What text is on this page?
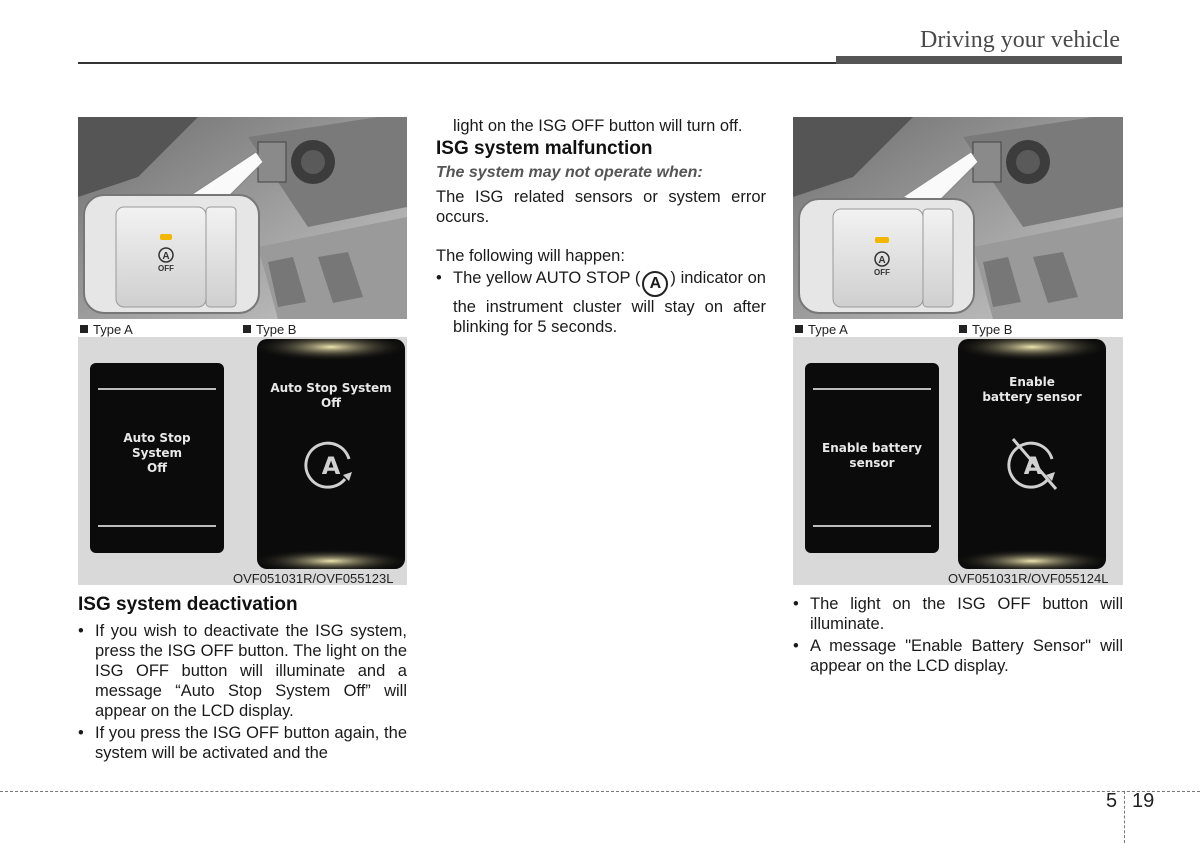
Driving your vehicle
A
OFF
Type A	Type B
Auto Stop
System
Off
Auto Stop System
Off
A
OVF051031R/OVF055123L
ISG system deactivation
• If you wish to deactivate the ISG system, press the ISG OFF button. The light on the ISG OFF button will illuminate and a message “Auto Stop System Off” will appear on the LCD display.
• If you press the ISG OFF button again, the system will be activated and the
light on the ISG OFF button will turn off.
ISG system malfunction
The system may not operate when:
The ISG related sensors or system error occurs.
The following will happen:
• The yellow AUTO STOP ( A ) indicator on the instrument cluster will stay on after blinking for 5 seconds.
A
OFF
Type A	Type B
Enable battery
sensor
Enable
battery sensor
A
OVF051031R/OVF055124L
• The light on the ISG OFF button will illuminate.
• A message "Enable Battery Sensor" will appear on the LCD display.
5 19
